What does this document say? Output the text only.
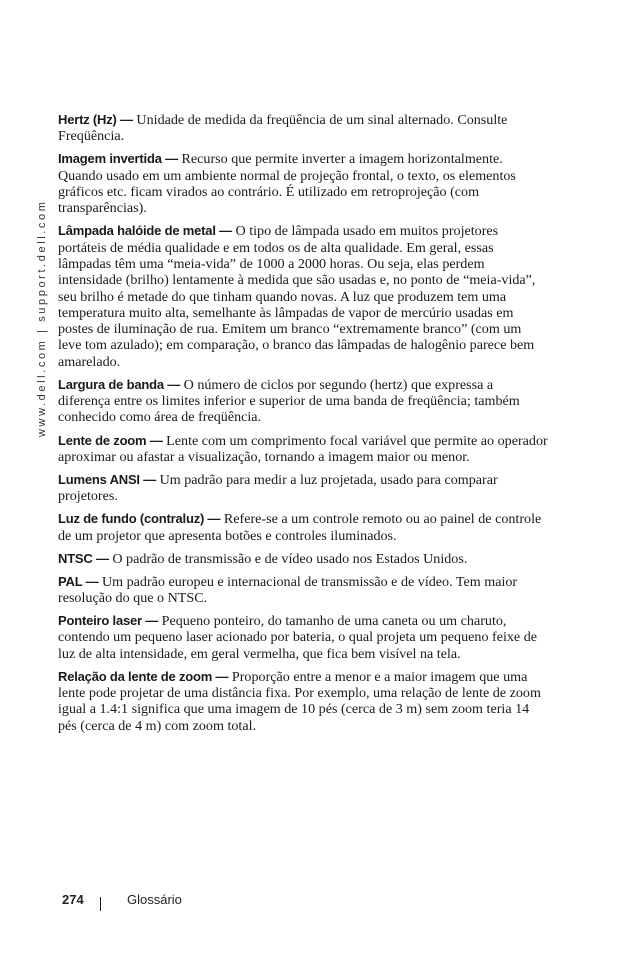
www.dell.com | support.dell.com

Hertz (Hz) — Unidade de medida da freqüência de um sinal alternado. Consulte Freqüência.

Imagem invertida — Recurso que permite inverter a imagem horizontalmente. Quando usado em um ambiente normal de projeção frontal, o texto, os elementos gráficos etc. ficam virados ao contrário. É utilizado em retroprojeção (com transparências).

Lâmpada halóide de metal — O tipo de lâmpada usado em muitos projetores portáteis de média qualidade e em todos os de alta qualidade. Em geral, essas lâmpadas têm uma “meia-vida” de 1000 a 2000 horas. Ou seja, elas perdem intensidade (brilho) lentamente à medida que são usadas e, no ponto de “meia-vida”, seu brilho é metade do que tinham quando novas. A luz que produzem tem uma temperatura muito alta, semelhante às lâmpadas de vapor de mercúrio usadas em postes de iluminação de rua. Emitem um branco “extremamente branco” (com um leve tom azulado); em comparação, o branco das lâmpadas de halogênio parece bem amarelado.

Largura de banda — O número de ciclos por segundo (hertz) que expressa a diferença entre os limites inferior e superior de uma banda de freqüência; também conhecido como área de freqüência.

Lente de zoom — Lente com um comprimento focal variável que permite ao operador aproximar ou afastar a visualização, tornando a imagem maior ou menor.

Lumens ANSI — Um padrão para medir a luz projetada, usado para comparar projetores.

Luz de fundo (contraluz) — Refere-se a um controle remoto ou ao painel de controle de um projetor que apresenta botões e controles iluminados.

NTSC — O padrão de transmissão e de vídeo usado nos Estados Unidos.

PAL — Um padrão europeu e internacional de transmissão e de vídeo. Tem maior resolução do que o NTSC.

Ponteiro laser — Pequeno ponteiro, do tamanho de uma caneta ou um charuto, contendo um pequeno laser acionado por bateria, o qual projeta um pequeno feixe de luz de alta intensidade, em geral vermelha, que fica bem visível na tela.

Relação da lente de zoom — Proporção entre a menor e a maior imagem que uma lente pode projetar de uma distância fixa. Por exemplo, uma relação de lente de zoom igual a 1.4:1 significa que uma imagem de 10 pés (cerca de 3 m) sem zoom teria 14 pés (cerca de 4 m) com zoom total.

274	Glossário
